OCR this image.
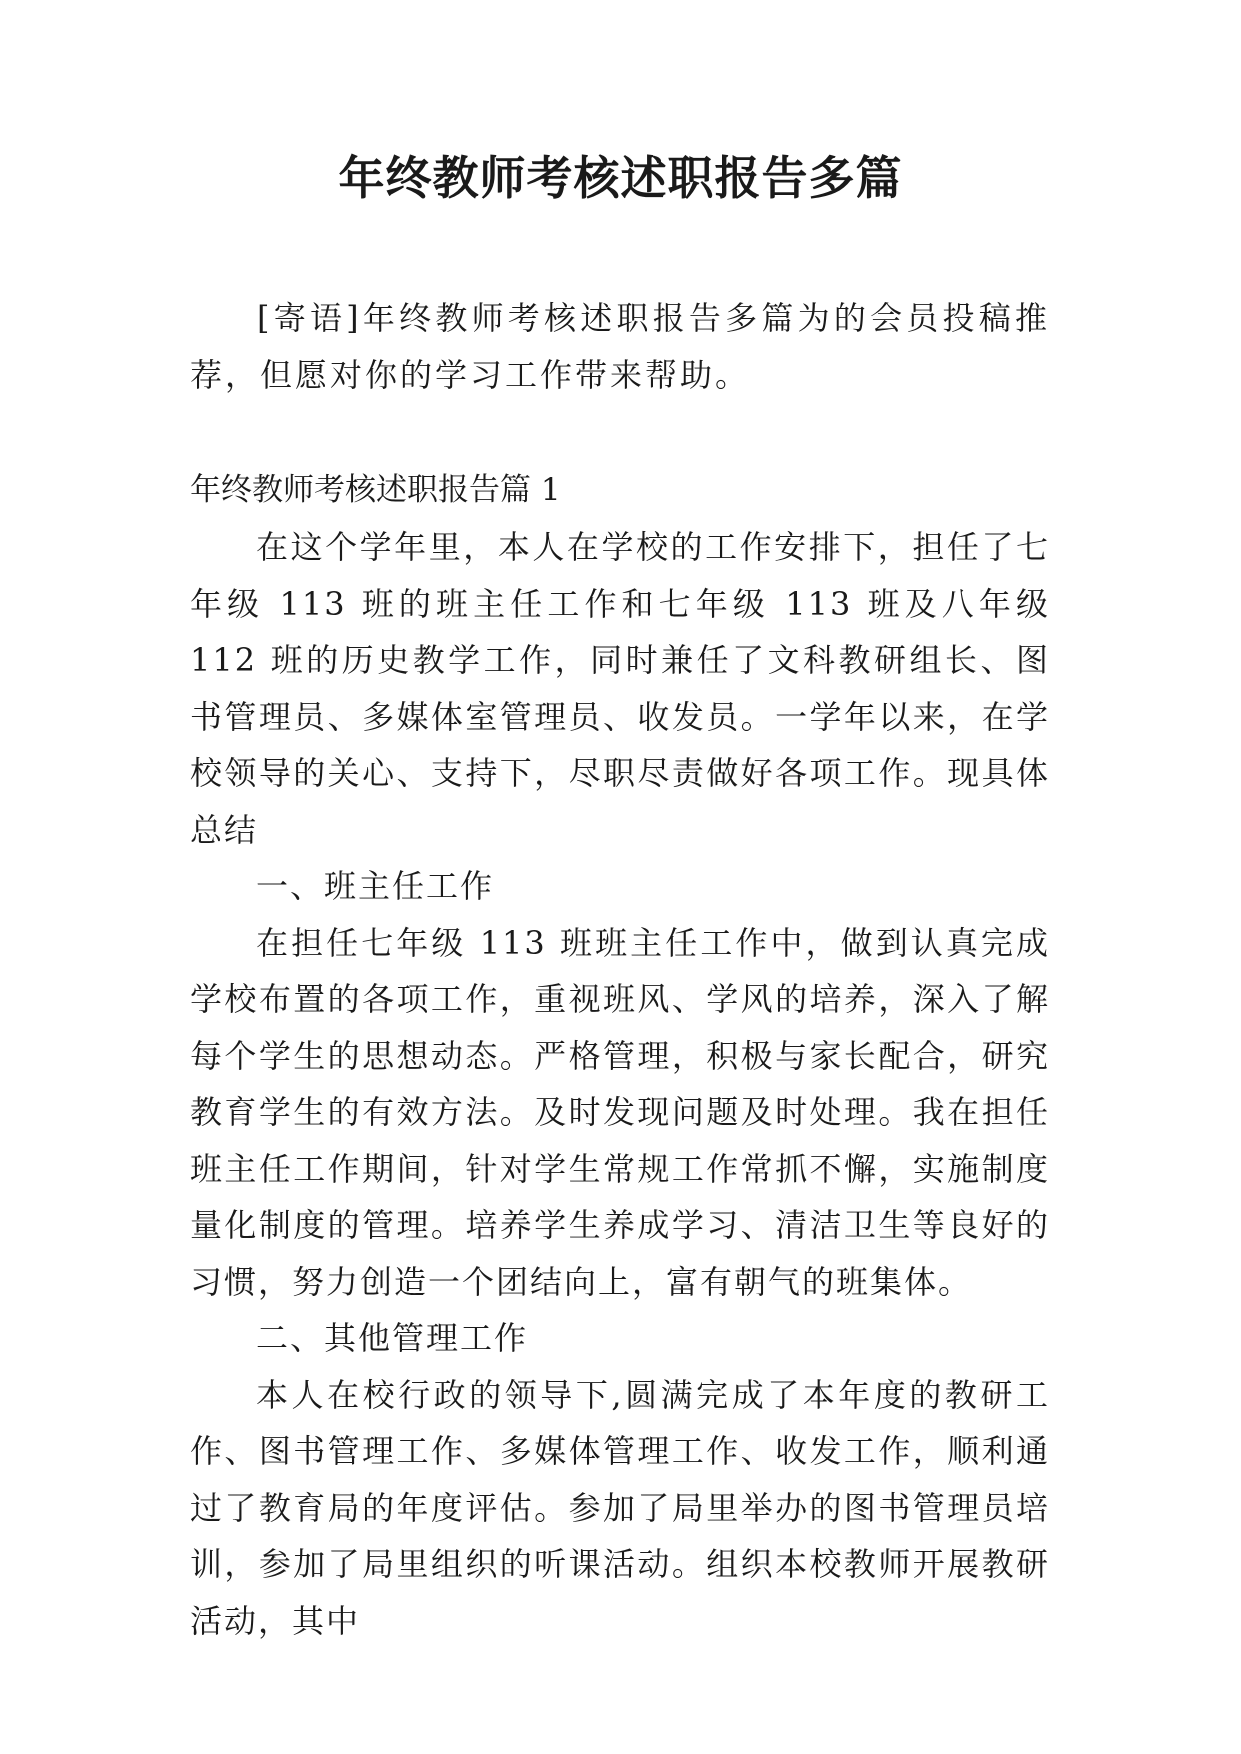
年终教师考核述职报告多篇

[寄语]年终教师考核述职报告多篇为的会员投稿推荐，但愿对你的学习工作带来帮助。

年终教师考核述职报告篇 1

在这个学年里，本人在学校的工作安排下，担任了七年级 113 班的班主任工作和七年级 113 班及八年级 112 班的历史教学工作，同时兼任了文科教研组长、图书管理员、多媒体室管理员、收发员。一学年以来，在学校领导的关心、支持下，尽职尽责做好各项工作。现具体总结

一、班主任工作

在担任七年级 113 班班主任工作中，做到认真完成学校布置的各项工作，重视班风、学风的培养，深入了解每个学生的思想动态。严格管理，积极与家长配合，研究教育学生的有效方法。及时发现问题及时处理。我在担任班主任工作期间，针对学生常规工作常抓不懈，实施制度量化制度的管理。培养学生养成学习、清洁卫生等良好的习惯，努力创造一个团结向上，富有朝气的班集体。

二、其他管理工作

本人在校行政的领导下,圆满完成了本年度的教研工作、图书管理工作、多媒体管理工作、收发工作，顺利通过了教育局的年度评估。参加了局里举办的图书管理员培训，参加了局里组织的听课活动。组织本校教师开展教研活动，其中
